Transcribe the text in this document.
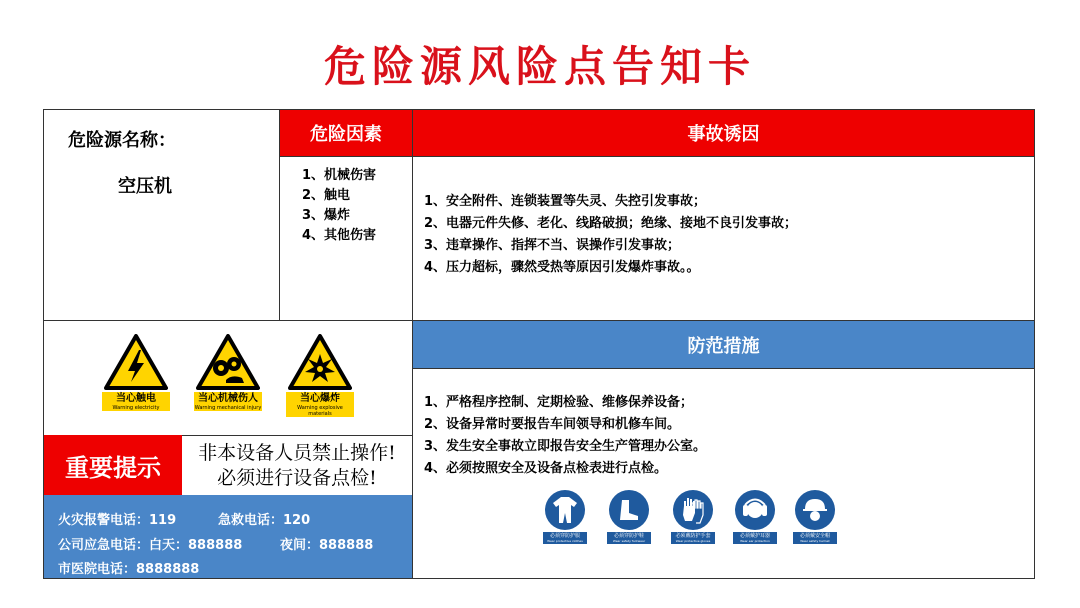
危险源风险点告知卡
危险源名称：
空压机
危险因素
1、机械伤害
2、触电
3、爆炸
4、其他伤害
事故诱因
1、安全附件、连锁装置等失灵、失控引发事故；
2、电器元件失修、老化、线路破损；绝缘、接地不良引发事故；
3、违章操作、指挥不当、误操作引发事故；
4、压力超标，骤然受热等原因引发爆炸事故。。
当心触电
Warning electricity
当心机械伤人
Warning mechanical injury
当心爆炸
Warning explosive materials
重要提示
非本设备人员禁止操作!
必须进行设备点检!
火灾报警电话：119	急救电话：120
公司应急电话：白天：888888	夜间：888888
市医院电话：8888888
防范措施
1、严格程序控制、定期检验、维修保养设备；
2、设备异常时要报告车间领导和机修车间。
3、发生安全事故立即报告安全生产管理办公室。
4、必须按照安全及设备点检表进行点检。
必须穿防护服
Wear protective clothes
必须穿防护鞋
Wear safety footwear
必须戴防护手套
Wear protective gloves
必须戴护耳器
Wear ear protection
必须戴安全帽
Wear safety helmet
